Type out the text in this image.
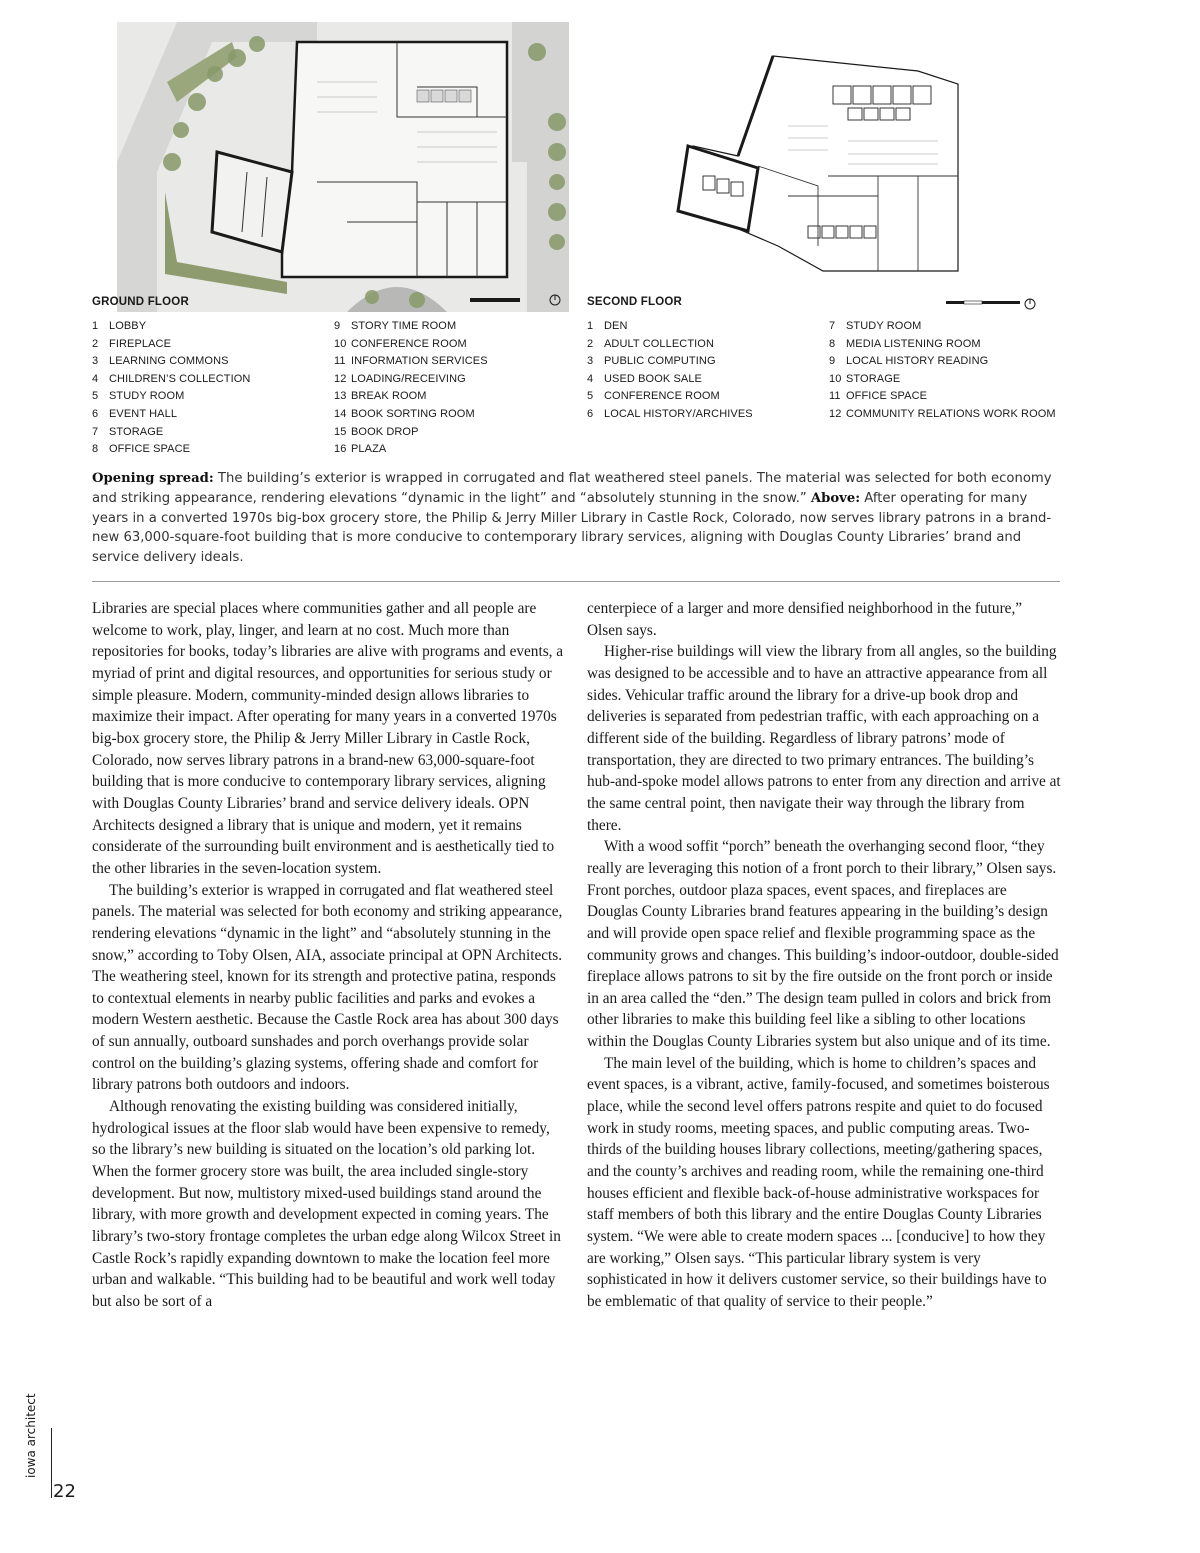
GROUND FLOOR
1 LOBBY
2 FIREPLACE
3 LEARNING COMMONS
4 CHILDREN’S COLLECTION
5 STUDY ROOM
6 EVENT HALL
7 STORAGE
8 OFFICE SPACE
9 STORY TIME ROOM
10 CONFERENCE ROOM
11 INFORMATION SERVICES
12 LOADING/RECEIVING
13 BREAK ROOM
14 BOOK SORTING ROOM
15 BOOK DROP
16 PLAZA
SECOND FLOOR
1 DEN
2 ADULT COLLECTION
3 PUBLIC COMPUTING
4 USED BOOK SALE
5 CONFERENCE ROOM
6 LOCAL HISTORY/ARCHIVES
7 STUDY ROOM
8 MEDIA LISTENING ROOM
9 LOCAL HISTORY READING
10 STORAGE
11 OFFICE SPACE
12 COMMUNITY RELATIONS WORK ROOM
Opening spread: The building’s exterior is wrapped in corrugated and flat weathered steel panels. The material was selected for both economy and striking appearance, rendering elevations “dynamic in the light” and “absolutely stunning in the snow.” Above: After operating for many years in a converted 1970s big-box grocery store, the Philip & Jerry Miller Library in Castle Rock, Colorado, now serves library patrons in a brand-new 63,000-square-foot building that is more conducive to contemporary library services, aligning with Douglas County Libraries’ brand and service delivery ideals.

Libraries are special places where communities gather and all people are welcome to work, play, linger, and learn at no cost. Much more than repositories for books, today’s libraries are alive with programs and events, a myriad of print and digital resources, and opportunities for serious study or simple pleasure. Modern, community-minded design allows libraries to maximize their impact. After operating for many years in a converted 1970s big-box grocery store, the Philip & Jerry Miller Library in Castle Rock, Colorado, now serves library patrons in a brand-new 63,000-square-foot building that is more conducive to contemporary library services, aligning with Douglas County Libraries’ brand and service delivery ideals. OPN Architects designed a library that is unique and modern, yet it remains considerate of the surrounding built environment and is aesthetically tied to the other libraries in the seven-location system.

The building’s exterior is wrapped in corrugated and flat weathered steel panels. The material was selected for both economy and striking appearance, rendering elevations “dynamic in the light” and “absolutely stunning in the snow,” according to Toby Olsen, AIA, associate principal at OPN Architects. The weathering steel, known for its strength and protective patina, responds to contextual elements in nearby public facilities and parks and evokes a modern Western aesthetic. Because the Castle Rock area has about 300 days of sun annually, outboard sunshades and porch overhangs provide solar control on the building’s glazing systems, offering shade and comfort for library patrons both outdoors and indoors.

Although renovating the existing building was considered initially, hydrological issues at the floor slab would have been expensive to remedy, so the library’s new building is situated on the location’s old parking lot. When the former grocery store was built, the area included single-story development. But now, multistory mixed-used buildings stand around the library, with more growth and development expected in coming years. The library’s two-story frontage completes the urban edge along Wilcox Street in Castle Rock’s rapidly expanding downtown to make the location feel more urban and walkable. “This building had to be beautiful and work well today but also be sort of a

centerpiece of a larger and more densified neighborhood in the future,” Olsen says.

Higher-rise buildings will view the library from all angles, so the building was designed to be accessible and to have an attractive appearance from all sides. Vehicular traffic around the library for a drive-up book drop and deliveries is separated from pedestrian traffic, with each approaching on a different side of the building. Regardless of library patrons’ mode of transportation, they are directed to two primary entrances. The building’s hub-and-spoke model allows patrons to enter from any direction and arrive at the same central point, then navigate their way through the library from there.

With a wood soffit “porch” beneath the overhanging second floor, “they really are leveraging this notion of a front porch to their library,” Olsen says. Front porches, outdoor plaza spaces, event spaces, and fireplaces are Douglas County Libraries brand features appearing in the building’s design and will provide open space relief and flexible programming space as the community grows and changes. This building’s indoor-outdoor, double-sided fireplace allows patrons to sit by the fire outside on the front porch or inside in an area called the “den.” The design team pulled in colors and brick from other libraries to make this building feel like a sibling to other locations within the Douglas County Libraries system but also unique and of its time.

The main level of the building, which is home to children’s spaces and event spaces, is a vibrant, active, family-focused, and sometimes boisterous place, while the second level offers patrons respite and quiet to do focused work in study rooms, meeting spaces, and public computing areas. Two-thirds of the building houses library collections, meeting/gathering spaces, and the county’s archives and reading room, while the remaining one-third houses efficient and flexible back-of-house administrative workspaces for staff members of both this library and the entire Douglas County Libraries system. “We were able to create modern spaces ... [conducive] to how they are working,” Olsen says. “This particular library system is very sophisticated in how it delivers customer service, so their buildings have to be emblematic of that quality of service to their people.”

iowa architect
22
